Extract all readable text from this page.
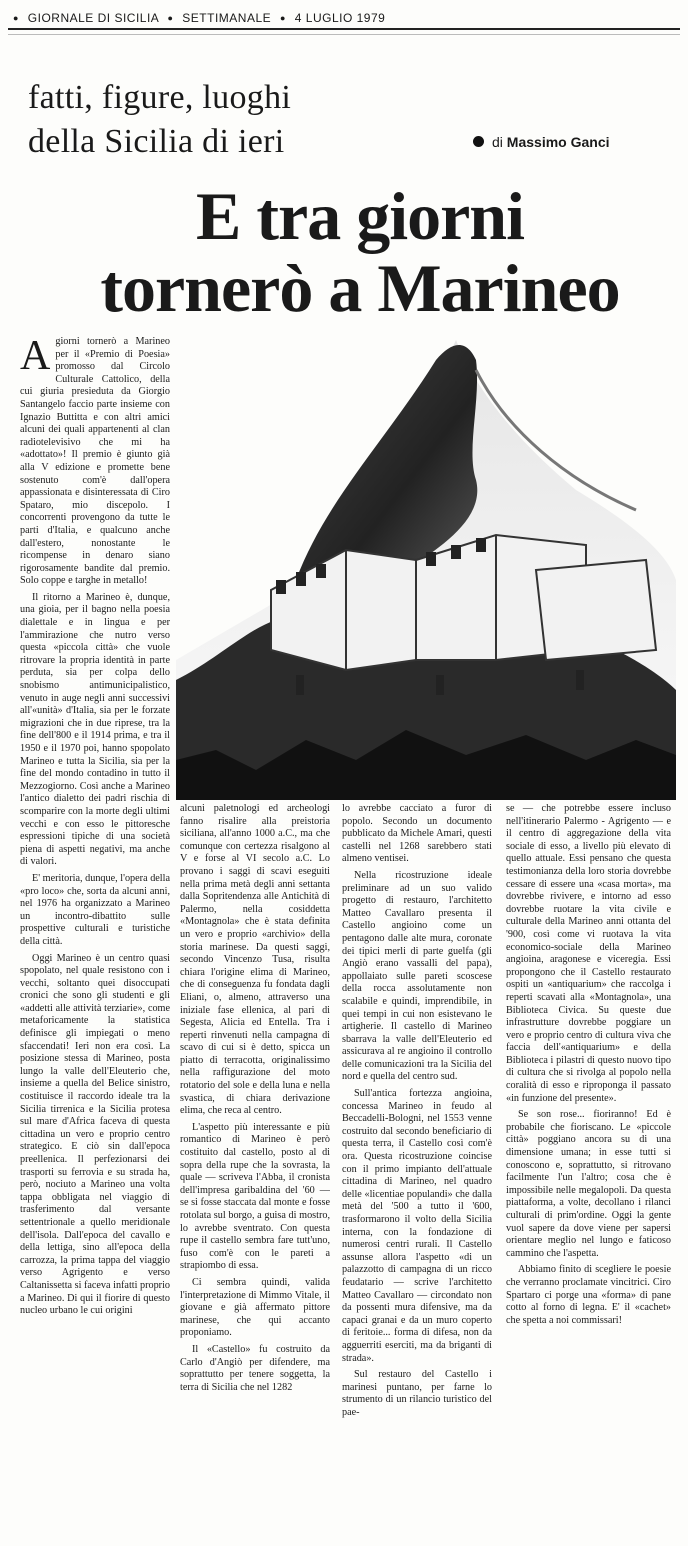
● GIORNALE DI SICILIA ● SETTIMANALE ● 4 LUGLIO 1979
fatti, figure, luoghi
della Sicilia di ieri	di Massimo Ganci
E tra giorni
tornerò a Marineo

Agiorni tornerò a Marineo per il «Premio di Poesia» promosso dal Circolo Culturale Cattolico, della cui giuria presieduta da Giorgio Santangelo faccio parte insieme con Ignazio Buttitta e con altri amici alcuni dei quali appartenenti al clan radiotelevisivo che mi ha «adottato»! Il premio è giunto già alla V edizione e promette bene sostenuto com'è dall'opera appassionata e disinteressata di Ciro Spataro, mio discepolo. I concorrenti provengono da tutte le parti d'Italia, e qualcuno anche dall'estero, nonostante le ricompense in denaro siano rigorosamente bandite dal premio. Solo coppe e targhe in metallo!

Il ritorno a Marineo è, dunque, una gioia, per il bagno nella poesia dialettale e in lingua e per l'ammirazione che nutro verso questa «piccola città» che vuole ritrovare la propria identità in parte perduta, sia per colpa dello snobismo antimunicipalistico, venuto in auge negli anni successivi all'«unità» d'Italia, sia per le forzate migrazioni che in due riprese, tra la fine dell'800 e il 1914 prima, e tra il 1950 e il 1970 poi, hanno spopolato Marineo e tutta la Sicilia, sia per la fine del mondo contadino in tutto il Mezzogiorno. Così anche a Marineo l'antico dialetto dei padri rischia di scomparire con la morte degli ultimi vecchi e con esso le pittoresche espressioni tipiche di una società piena di aspetti negativi, ma anche di valori.

E' meritoria, dunque, l'opera della «pro loco» che, sorta da alcuni anni, nel 1976 ha organizzato a Marineo un incontro-dibattito sulle prospettive culturali e turistiche della città.

Oggi Marineo è un centro quasi spopolato, nel quale resistono con i vecchi, soltanto quei disoccupati cronici che sono gli studenti e gli «addetti alle attività terziarie», come metaforicamente la statistica definisce gli impiegati o meno sfaccendati! Ieri non era così. La posizione stessa di Marineo, posta lungo la valle dell'Eleuterio che, insieme a quella del Belice sinistro, costituisce il raccordo ideale tra la Sicilia tirrenica e la Sicilia protesa sul mare d'Africa faceva di questa cittadina un vero e proprio centro strategico. E ciò sin dall'epoca preellenica. Il perfezionarsi dei trasporti su ferrovia e su strada ha, però, nociuto a Marineo una volta tappa obbligata nel viaggio di trasferimento dal versante settentrionale a quello meridionale dell'isola. Dall'epoca del cavallo e della lettiga, sino all'epoca della carrozza, la prima tappa del viaggio verso Agrigento e verso Caltanissetta si faceva infatti proprio a Marineo. Di qui il fiorire di questo nucleo urbano le cui origini

alcuni paletnologi ed archeologi fanno risalire alla preistoria siciliana, all'anno 1000 a.C., ma che comunque con certezza risalgono al V e forse al VI secolo a.C. Lo provano i saggi di scavi eseguiti nella prima metà degli anni settanta dalla Sopritendenza alle Antichità di Palermo, nella cosiddetta «Montagnola» che è stata definita un vero e proprio «archivio» della storia marinese. Da questi saggi, secondo Vincenzo Tusa, risulta chiara l'origine elima di Marineo, che di conseguenza fu fondata dagli Eliani, o, almeno, attraverso una iniziale fase ellenica, al pari di Segesta, Alicia ed Entella. Tra i reperti rinvenuti nella campagna di scavo di cui si è detto, spicca un piatto di terracotta, originalissimo nella raffigurazione del moto rotatorio del sole e della luna e nella svastica, di chiara derivazione elima, che reca al centro.

L'aspetto più interessante e più romantico di Marineo è però costituito dal castello, posto al di sopra della rupe che la sovrasta, la quale — scriveva l'Abba, il cronista dell'impresa garibaldina del '60 — se si fosse staccata dal monte e fosse rotolata sul borgo, a guisa di mostro, lo avrebbe sventrato. Con questa rupe il castello sembra fare tutt'uno, fuso com'è con le pareti a strapiombo di essa.

Ci sembra quindi, valida l'interpretazione di Mimmo Vitale, il giovane e già affermato pittore marinese, che qui accanto proponiamo.

Il «Castello» fu costruito da Carlo d'Angiò per difendere, ma soprattutto per tenere soggetta, la terra di Sicilia che nel 1282

lo avrebbe cacciato a furor di popolo. Secondo un documento pubblicato da Michele Amari, questi castelli nel 1268 sarebbero stati almeno ventisei.

Nella ricostruzione ideale preliminare ad un suo valido progetto di restauro, l'architetto Matteo Cavallaro presenta il Castello angioino come un pentagono dalle alte mura, coronate dei tipici merli di parte guelfa (gli Angiò erano vassalli del papa), appollaiato sulle pareti scoscese della rocca assolutamente non scalabile e quindi, imprendibile, in quei tempi in cui non esistevano le artigherie. Il castello di Marineo sbarrava la valle dell'Eleuterio ed assicurava al re angioino il controllo delle comunicazioni tra la Sicilia del nord e quella del centro sud.

Sull'antica fortezza angioina, concessa Marineo in feudo al Beccadelli-Bologni, nel 1553 venne costruito dal secondo beneficiario di questa terra, il Castello così com'è ora. Questa ricostruzione coincise con il primo impianto dell'attuale cittadina di Marineo, nel quadro delle «licentiae populandi» che dalla metà del '500 a tutto il '600, trasformarono il volto della Sicilia interna, con la fondazione di numerosi centri rurali. Il Castello assunse allora l'aspetto «di un palazzotto di campagna di un ricco feudatario — scrive l'architetto Matteo Cavallaro — circondato non da possenti mura difensive, ma da capaci granai e da un muro coperto di feritoie... forma di difesa, non da agguerriti eserciti, ma da briganti di strada».

Sul restauro del Castello i marinesi puntano, per farne lo strumento di un rilancio turistico del pae-

se — che potrebbe essere incluso nell'itinerario Palermo - Agrigento — e il centro di aggregazione della vita sociale di esso, a livello più elevato di quello attuale. Essi pensano che questa testimonianza della loro storia dovrebbe cessare di essere una «casa morta», ma dovrebbe rivivere, e intorno ad esso dovrebbe ruotare la vita civile e culturale della Marineo anni ottanta del '900, così come vi ruotava la vita economico-sociale della Marineo angioina, aragonese e viceregia. Essi propongono che il Castello restaurato ospiti un «antiquarium» che raccolga i reperti scavati alla «Montagnola», una Biblioteca Civica. Su queste due infrastrutture dovrebbe poggiare un vero e proprio centro di cultura viva che faccia dell'«antiquarium» e della Biblioteca i pilastri di questo nuovo tipo di cultura che si rivolga al popolo nella coralità di esso e riproponga il passato «in funzione del presente».

Se son rose... fioriranno! Ed è probabile che fioriscano. Le «piccole città» poggiano ancora su di una dimensione umana; in esse tutti si conoscono e, soprattutto, si ritrovano facilmente l'un l'altro; cosa che è impossibile nelle megalopoli. Da questa piattaforma, a volte, decollano i rilanci culturali di prim'ordine. Oggi la gente vuol sapere da dove viene per sapersi orientare meglio nel lungo e faticoso cammino che l'aspetta.

Abbiamo finito di scegliere le poesie che verranno proclamate vincitrici. Ciro Spartaro ci porge una «forma» di pane cotto al forno di legna. E' il «cachet» che spetta a noi commissari!
